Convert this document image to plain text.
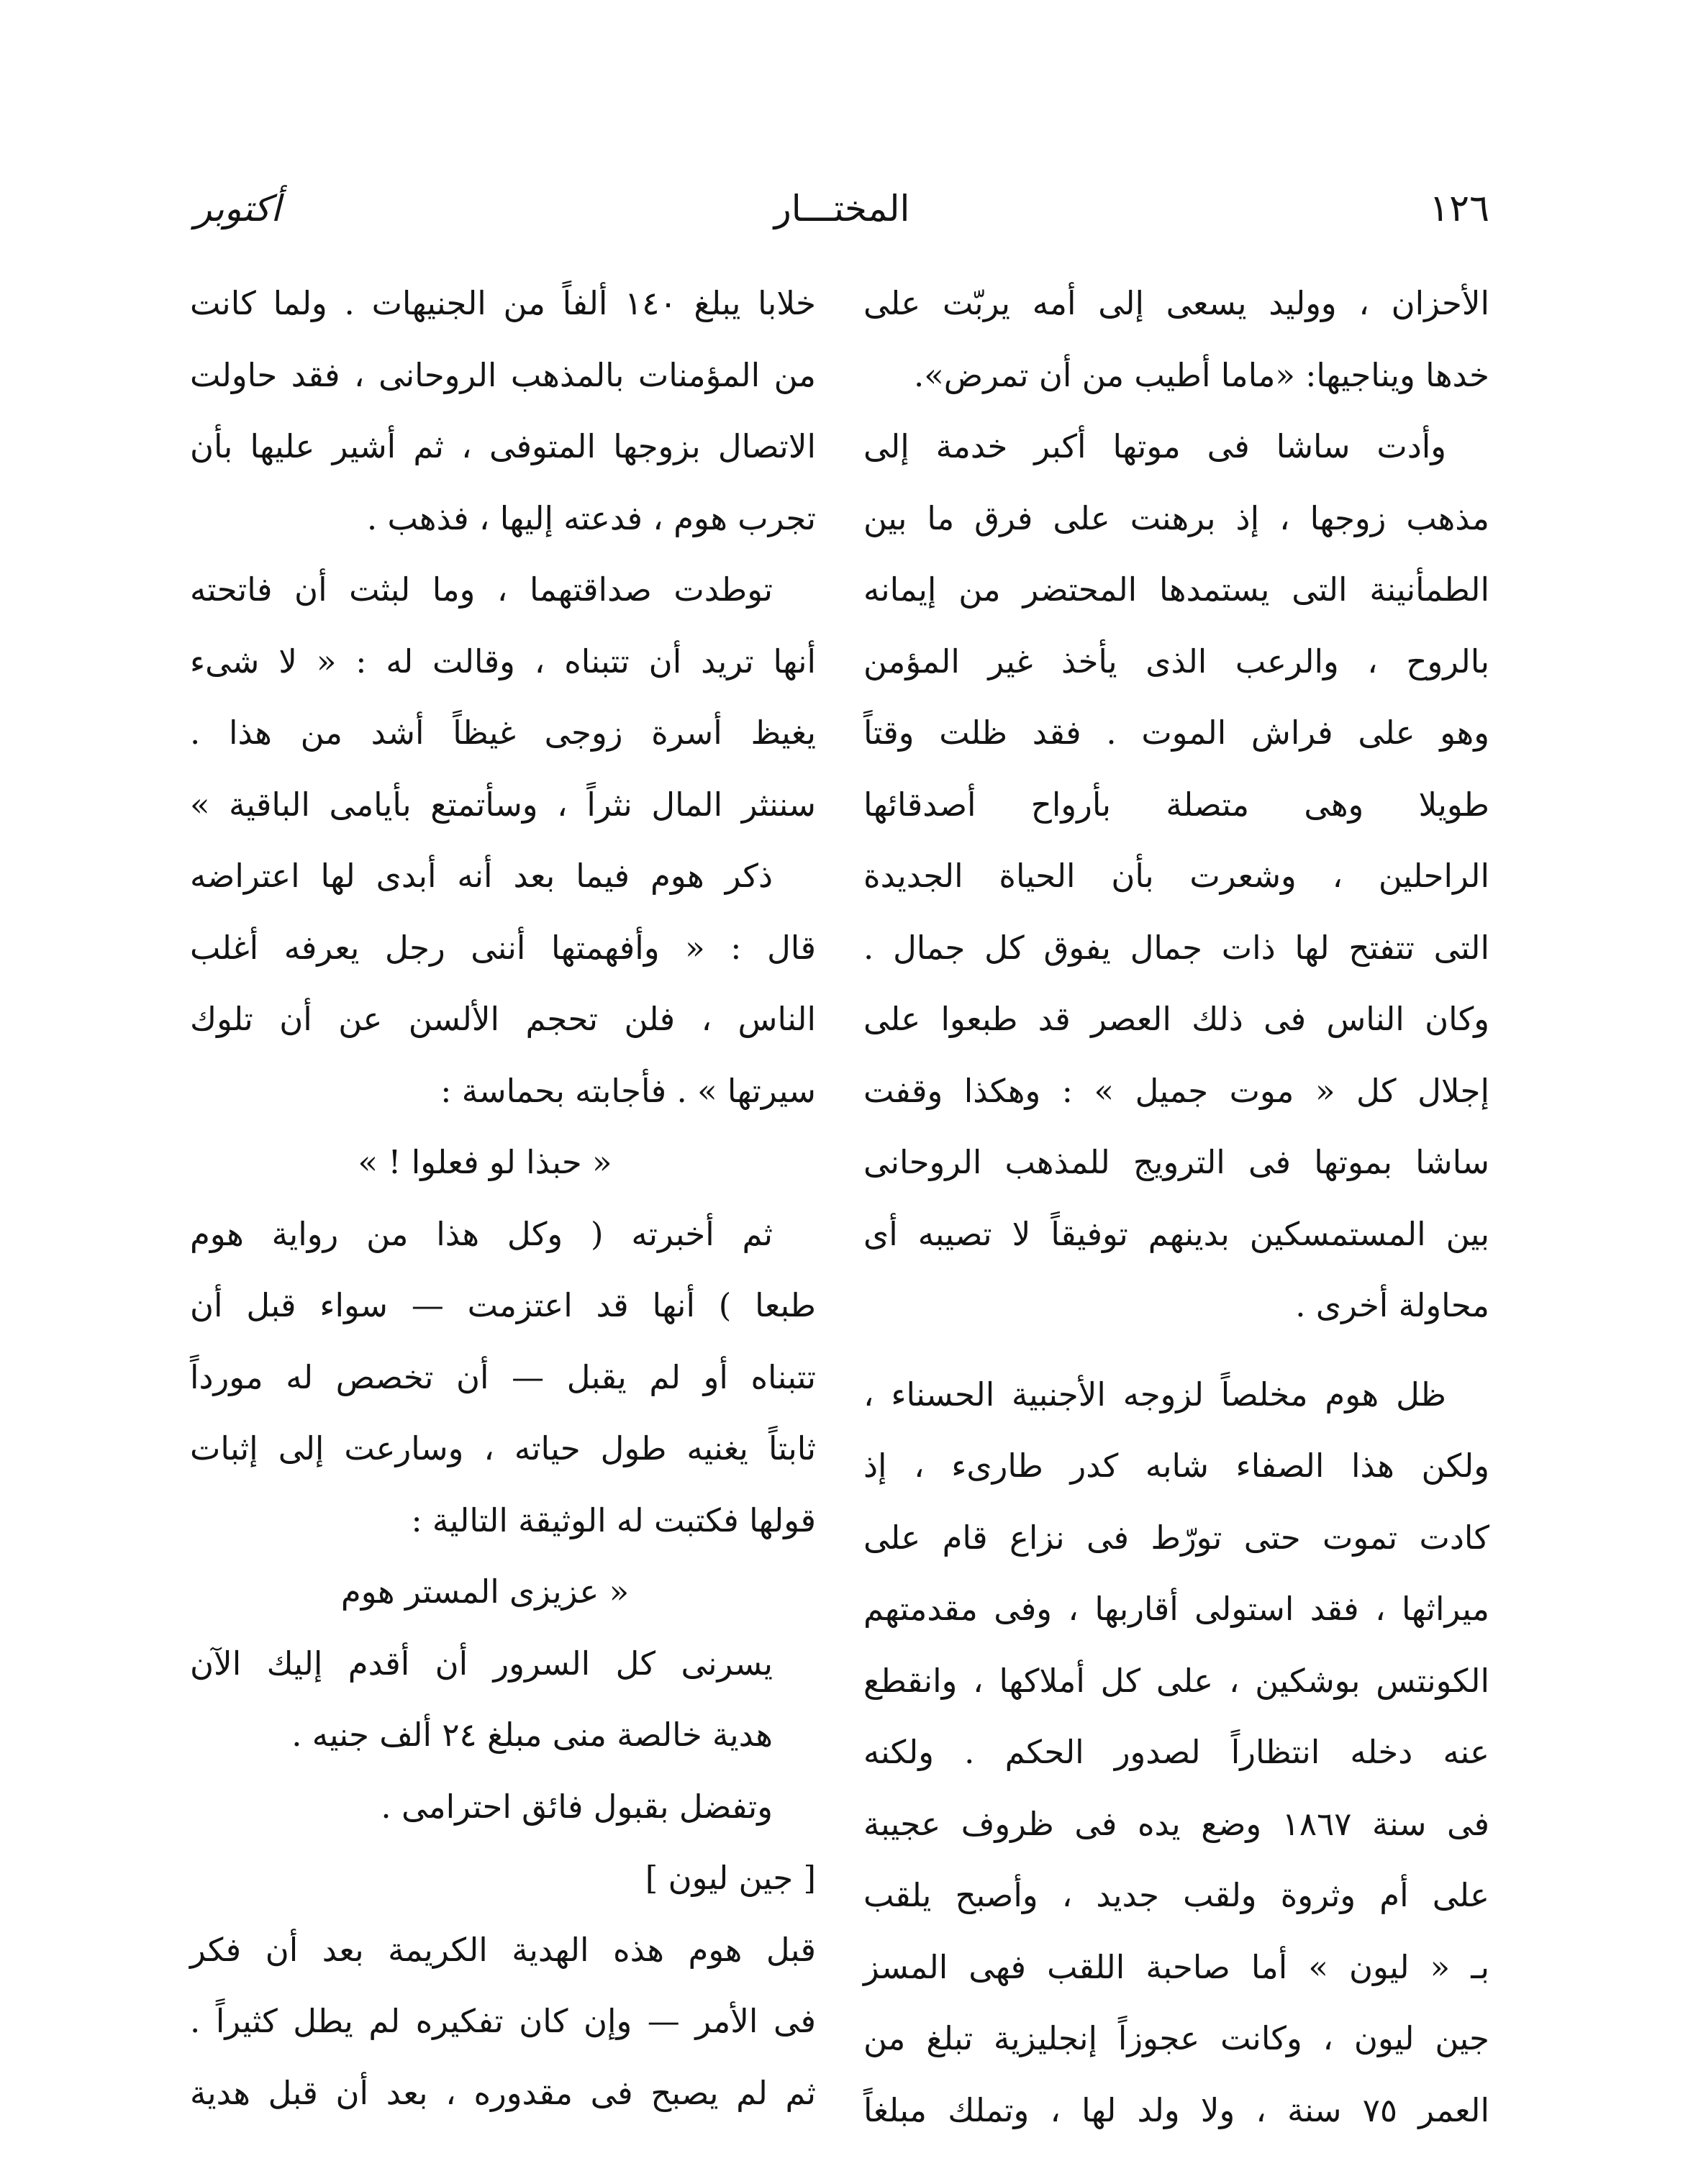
١٢٦
المختـــار
أكتوبر
الأحزان ، ووليد يسعى إلى أمه يربّت على
خدها ويناجيها: «ماما أطيب من أن تمرض».
وأدت ساشا فى موتها أكبر خدمة إلى
مذهب زوجها ، إذ برهنت على فرق ما بين
الطمأنينة التى يستمدها المحتضر من إيمانه
بالروح ، والرعب الذى يأخذ غير المؤمن
وهو على فراش الموت . فقد ظلت وقتاً
طويلا وهى متصلة بأرواح أصدقائها
الراحلين ، وشعرت بأن الحياة الجديدة
التى تتفتح لها ذات جمال يفوق كل جمال .
وكان الناس فى ذلك العصر قد طبعوا على
إجلال كل « موت جميل » : وهكذا وقفت
ساشا بموتها فى الترويج للمذهب الروحانى
بين المستمسكين بدينهم توفيقاً لا تصيبه أى
محاولة أخرى .
ظل هوم مخلصاً لزوجه الأجنبية الحسناء ،
ولكن هذا الصفاء شابه كدر طارىء ، إذ
كادت تموت حتى تورّط فى نزاع قام على
ميراثها ، فقد استولى أقاربها ، وفى مقدمتهم
الكونتس بوشكين ، على كل أملاكها ، وانقطع
عنه دخله انتظاراً لصدور الحكم . ولكنه
فى سنة ١٨٦٧ وضع يده فى ظروف عجيبة
على أم وثروة ولقب جديد ، وأصبح يلقب
بـ « ليون » أما صاحبة اللقب فهى المسز
جين ليون ، وكانت عجوزاً إنجليزية تبلغ من
العمر ٧٥ سنة ، ولا ولد لها ، وتملك مبلغاً
خلابا يبلغ ١٤٠ ألفاً من الجنيهات . ولما كانت
من المؤمنات بالمذهب الروحانى ، فقد حاولت
الاتصال بزوجها المتوفى ، ثم أشير عليها بأن
تجرب هوم ، فدعته إليها ، فذهب .
توطدت صداقتهما ، وما لبثت أن فاتحته
أنها تريد أن تتبناه ، وقالت له : « لا شىء
يغيظ أسرة زوجى غيظاً أشد من هذا .
سننثر المال نثراً ، وسأتمتع بأيامى الباقية »
ذكر هوم فيما بعد أنه أبدى لها اعتراضه
قال : « وأفهمتها أننى رجل يعرفه أغلب
الناس ، فلن تحجم الألسن عن أن تلوك
سيرتها » . فأجابته بحماسة :
« حبذا لو فعلوا ! »
ثم أخبرته ( وكل هذا من رواية هوم
طبعا ) أنها قد اعتزمت — سواء قبل أن
تتبناه أو لم يقبل — أن تخصص له مورداً
ثابتاً يغنيه طول حياته ، وسارعت إلى إثبات
قولها فكتبت له الوثيقة التالية :
« عزيزى المستر هوم
يسرنى كل السرور أن أقدم إليك الآن
هدية خالصة منى مبلغ ٢٤ ألف جنيه .
وتفضل بقبول فائق احترامى .
[ جين ليون ]
قبل هوم هذه الهدية الكريمة بعد أن فكر
فى الأمر — وإن كان تفكيره لم يطل كثيراً .
ثم لم يصبح فى مقدوره ، بعد أن قبل هدية
